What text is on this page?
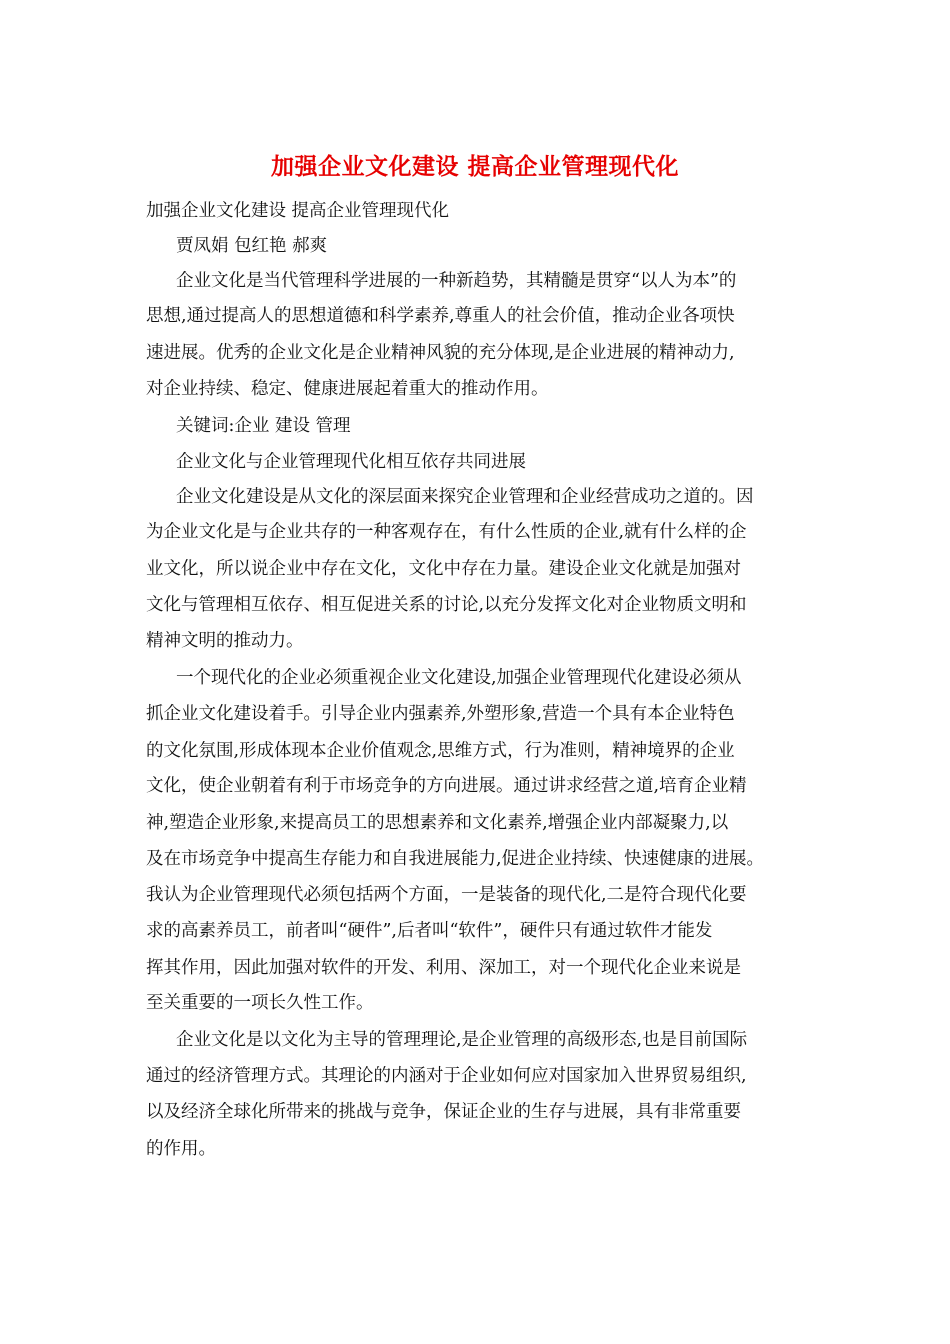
加强企业文化建设 提高企业管理现代化
加强企业文化建设 提高企业管理现代化
贾凤娟 包红艳 郝爽
企业文化是当代管理科学进展的一种新趋势，其精髓是贯穿“以人为本”的
思想,通过提高人的思想道德和科学素养,尊重人的社会价值，推动企业各项快
速进展。优秀的企业文化是企业精神风貌的充分体现,是企业进展的精神动力,
对企业持续、稳定、健康进展起着重大的推动作用。
关键词:企业 建设 管理
企业文化与企业管理现代化相互依存共同进展
企业文化建设是从文化的深层面来探究企业管理和企业经营成功之道的。因
为企业文化是与企业共存的一种客观存在，有什么性质的企业,就有什么样的企
业文化，所以说企业中存在文化，文化中存在力量。建设企业文化就是加强对
文化与管理相互依存、相互促进关系的讨论,以充分发挥文化对企业物质文明和
精神文明的推动力。
一个现代化的企业必须重视企业文化建设,加强企业管理现代化建设必须从
抓企业文化建设着手。引导企业内强素养,外塑形象,营造一个具有本企业特色
的文化氛围,形成体现本企业价值观念,思维方式，行为准则，精神境界的企业
文化，使企业朝着有利于市场竞争的方向进展。通过讲求经营之道,培育企业精
神,塑造企业形象,来提高员工的思想素养和文化素养,增强企业内部凝聚力,以
及在市场竞争中提高生存能力和自我进展能力,促进企业持续、快速健康的进展。
我认为企业管理现代必须包括两个方面，一是装备的现代化,二是符合现代化要
求的高素养员工，前者叫“硬件”,后者叫“软件”，硬件只有通过软件才能发
挥其作用，因此加强对软件的开发、利用、深加工，对一个现代化企业来说是
至关重要的一项长久性工作。
企业文化是以文化为主导的管理理论,是企业管理的高级形态,也是目前国际
通过的经济管理方式。其理论的内涵对于企业如何应对国家加入世界贸易组织,
以及经济全球化所带来的挑战与竞争，保证企业的生存与进展，具有非常重要
的作用。
